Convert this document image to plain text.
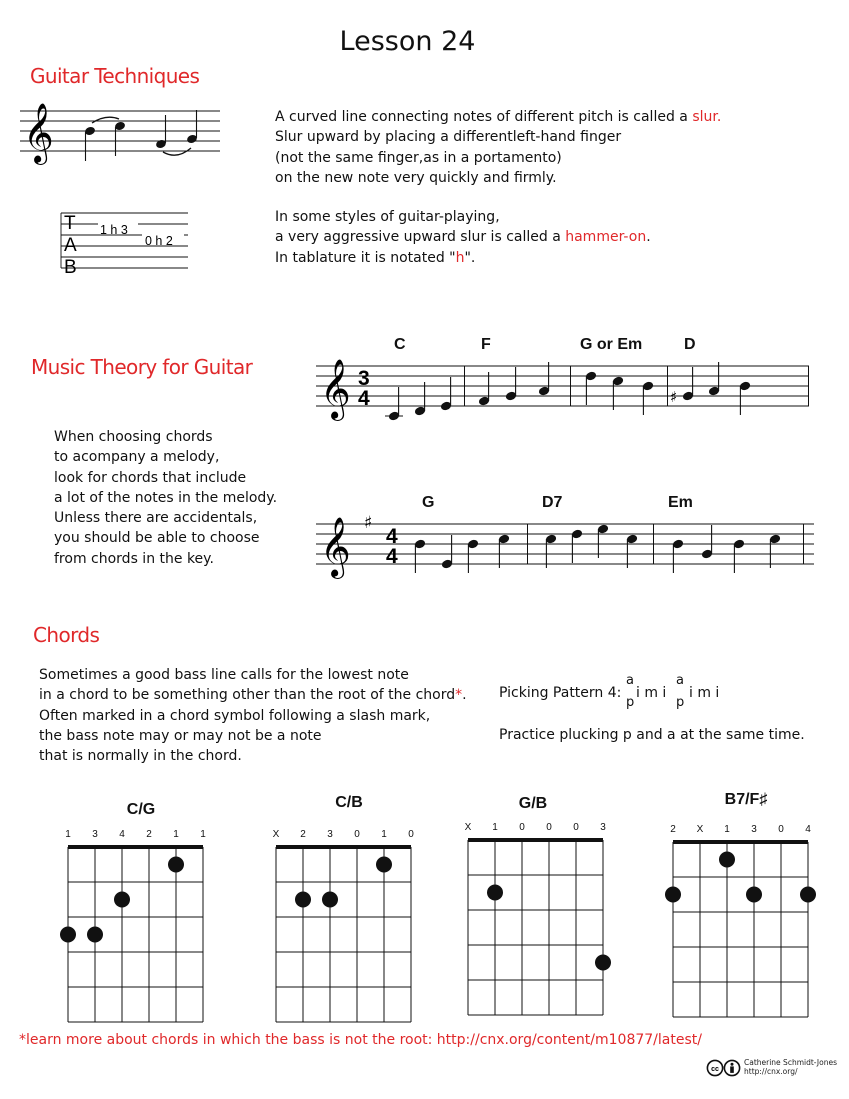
Lesson 24
Guitar Techniques
𝄞
T
A
B
1 h 3
0 h 2
A curved line connecting notes of different pitch is called a slur.
Slur upward by placing a differentleft-hand finger
(not the same finger,as in a portamento)
on the new note very quickly and firmly.
In some styles of guitar-playing,
a very aggressive upward slur is called a hammer-on.
In tablature it is notated "h".
Music Theory for Guitar
When choosing chords
to acompany a melody,
look for chords that include
a lot of the notes in the melody.
Unless there are accidentals,
you should be able to choose
from chords in the key.
C	F	G or Em	D
𝄞 3
4	♯
G	D7	Em
𝄞 ♯
4
4
Chords
Sometimes a good bass line calls for the lowest note
in a chord to be something other than the root of the chord*.
Often marked in a chord symbol following a slash mark,
the bass note may or may not be a note
that is normally in the chord.
Picking Pattern 4:
a
p
i m i
a
p
i m i
Practice plucking p and a at the same time.
C/G
1 3 4 2 1 1
C/B
X 2 3 0 1 0
G/B
X 1 0 0 0 3
B7/F♯
2 X 1 3 0 4
*learn more about chords in which the bass is not the root: http://cnx.org/content/m10877/latest/
cc
Catherine Schmidt-Jones
http://cnx.org/
